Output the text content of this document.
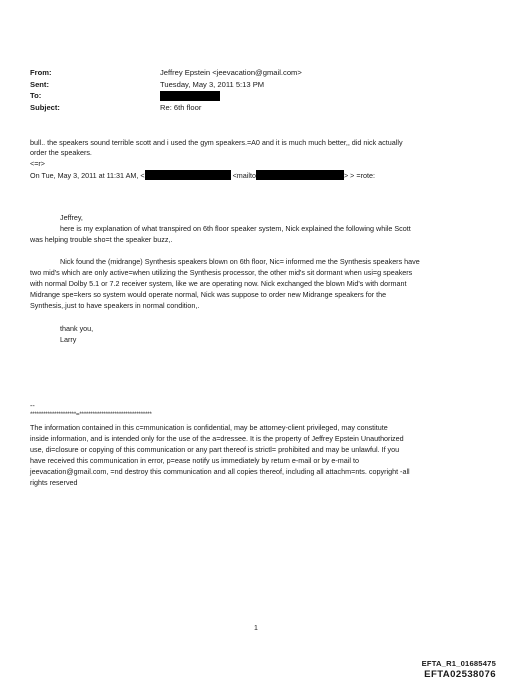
From:	Jeffrey Epstein <jeevacation@gmail.com>
Sent:	Tuesday, May 3, 2011 5:13 PM
To:
Subject:	Re: 6th floor
bull.. the speakers sound terrible scott and i used the gym speakers.=A0 and it is much much better,, did nick actually
order the speakers.
<=r>
On Tue, May 3, 2011 at 11:31 AM, <	<mailto	> > =rote:
Jeffrey,
here is my explanation of what transpired on 6th floor speaker system, Nick explained the following while Scott
was helping trouble sho=t the speaker buzz,.
Nick found the (midrange) Synthesis speakers blown on 6th floor, Nic= informed me the Synthesis speakers have
two mid's which are only active=when utilizing the Synthesis processor, the other mid's sit dormant when usi=g speakers
with normal Dolby 5.1 or 7.2 receiver system, like we are operating now. Nick exchanged the blown Mid's with dormant
Midrange spe=kers so system would operate normal, Nick was suppose to order new Midrange speakers for the
Synthesis,.just to have speakers in normal condition,.
thank you,
Larry
--
*********************=*********************************
The information contained in this c=mmunication is confidential, may be attorney-client privileged, may constitute
inside information, and is intended only for the use of the a=dressee. It is the property of Jeffrey Epstein Unauthorized
use, di=closure or copying of this communication or any part thereof is strictl= prohibited and may be unlawful. If you
have received this communication in error, p=ease notify us immediately by return e-mail or by e-mail to
jeevacation@gmail.com, =nd destroy this communication and all copies thereof, including all attachm=nts. copyright -all
rights reserved
1
EFTA_R1_01685475
EFTA02538076
